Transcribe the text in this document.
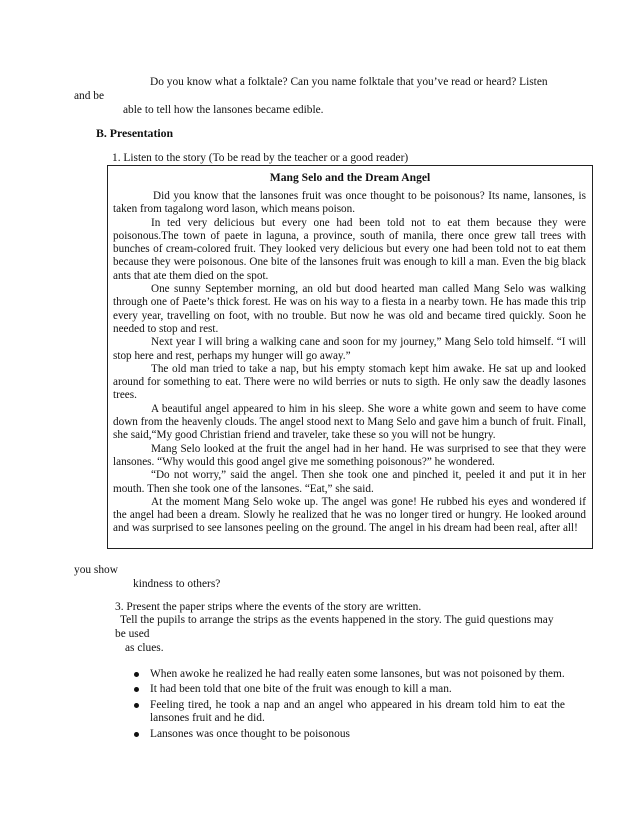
Do you know what a folktale? Can you name folktale that you’ve read or heard? Listen
and be
able to tell how the lansones became edible.
B. Presentation
1. Listen to the story (To be read by the teacher or a good reader)
Mang Selo and the Dream Angel

Did you know that the lansones fruit was once thought to be poisonous? Its name, lansones, is taken from tagalong word lason, which means poison.

In ted very delicious but every one had been told not to eat them because they were poisonous.The town of paete in laguna, a province, south of manila, there once grew tall trees with bunches of cream-colored fruit. They looked very delicious but every one had been told not to eat them because they were poisonous. One bite of the lansones fruit was enough to kill a man. Even the big black ants that ate them died on the spot.

One sunny September morning, an old but dood hearted man called Mang Selo was walking through one of Paete’s thick forest. He was on his way to a fiesta in a nearby town. He has made this trip every year, travelling on foot, with no trouble. But now he was old and became tired quickly. Soon he needed to stop and rest.

Next year I will bring a walking cane and soon for my journey,” Mang Selo told himself. “I will stop here and rest, perhaps my hunger will go away.”

The old man tried to take a nap, but his empty stomach kept him awake. He sat up and looked around for something to eat. There were no wild berries or nuts to sigth. He only saw the deadly lasones trees.

A beautiful angel appeared to him in his sleep. She wore a white gown and seem to have come down from the heavenly clouds. The angel stood next to Mang Selo and gave him a bunch of fruit. Finall, she said,“My good Christian friend and traveler, take these so you will not be hungry.

Mang Selo looked at the fruit the angel had in her hand. He was surprised to see that they were lansones. “Why would this good angel give me something poisonous?” he wondered.

“Do not worry,” said the angel. Then she took one and pinched it, peeled it and put it in her mouth. Then she took one of the lansones. “Eat,” she said.

At the moment Mang Selo woke up. The angel was gone! He rubbed his eyes and wondered if the angel had been a dream. Slowly he realized that he was no longer tired or hungry. He looked around and was surprised to see lansones peeling on the ground. The angel in his dream had been real, after all!

you show
kindness to others?
3. Present the paper strips where the events of the story are written.
Tell the pupils to arrange the strips as the events happened in the story. The guid questions may
be used
as clues.
When awoke he realized he had really eaten some lansones, but was not poisoned by them.
It had been told that one bite of the fruit was enough to kill a man.
Feeling tired, he took a nap and an angel who appeared in his dream told him to eat the lansones fruit and he did.
Lansones was once thought to be poisonous
